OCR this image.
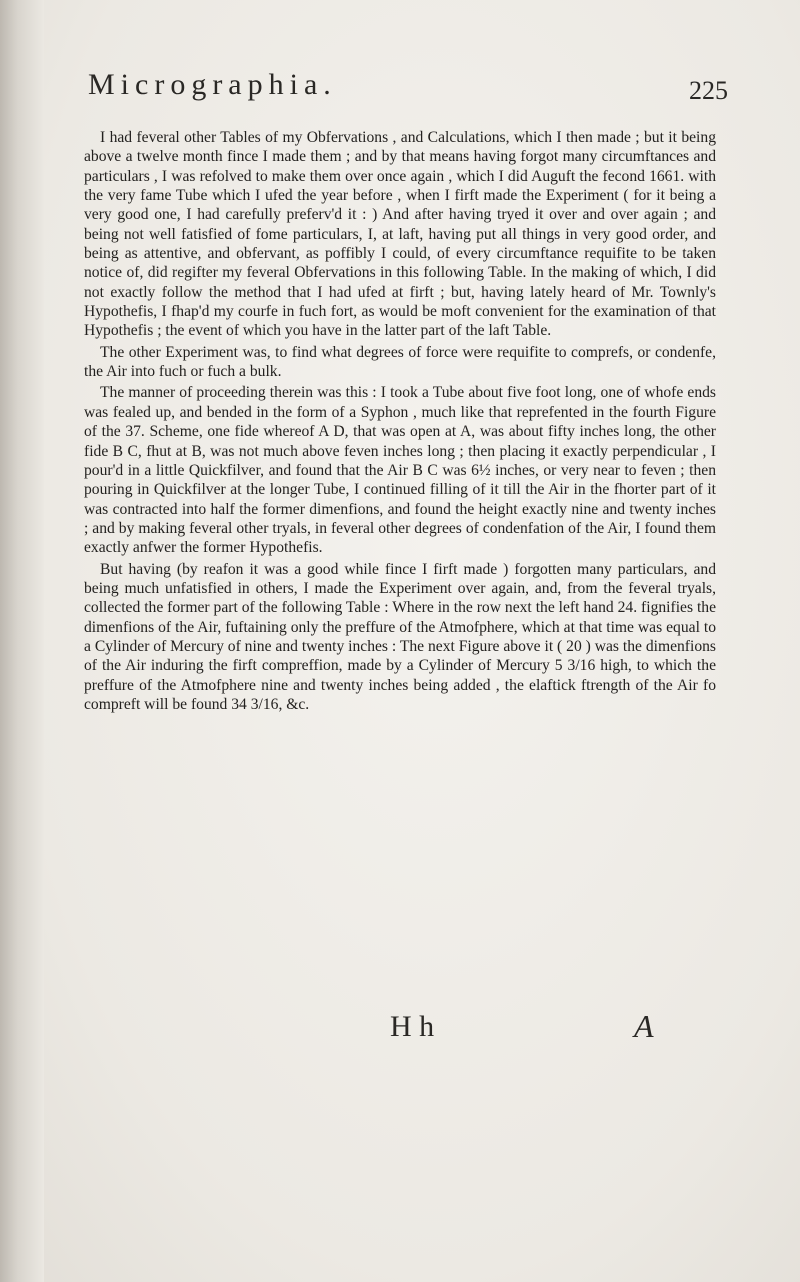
Micrographia.	225

I had feveral other Tables of my Obfervations , and Calculations, which I then made ; but it being above a twelve month fince I made them ; and by that means having forgot many circumftances and particulars , I was refolved to make them over once again , which I did Auguft the fecond 1661. with the very fame Tube which I ufed the year before , when I firft made the Experiment ( for it being a very good one, I had carefully preferv'd it : ) And after having tryed it over and over again ; and being not well fatisfied of fome particulars, I, at laft, having put all things in very good order, and being as attentive, and obfervant, as poffibly I could, of every circumftance requifite to be taken notice of, did regifter my feveral Obfervations in this following Table. In the making of which, I did not exactly follow the method that I had ufed at firft ; but, having lately heard of Mr. Townly's Hypothefis, I fhap'd my courfe in fuch fort, as would be moft convenient for the examination of that Hypothefis ; the event of which you have in the latter part of the laft Table.

The other Experiment was, to find what degrees of force were requifite to comprefs, or condenfe, the Air into fuch or fuch a bulk.

The manner of proceeding therein was this : I took a Tube about five foot long, one of whofe ends was fealed up, and bended in the form of a Syphon , much like that reprefented in the fourth Figure of the 37. Scheme, one fide whereof A D, that was open at A, was about fifty inches long, the other fide B C, fhut at B, was not much above feven inches long ; then placing it exactly perpendicular , I pour'd in a little Quickfilver, and found that the Air B C was 6½ inches, or very near to feven ; then pouring in Quickfilver at the longer Tube, I continued filling of it till the Air in the fhorter part of it was contracted into half the former dimenfions, and found the height exactly nine and twenty inches ; and by making feveral other tryals, in feveral other degrees of condenfation of the Air, I found them exactly anfwer the former Hypothefis.

But having (by reafon it was a good while fince I firft made ) forgotten many particulars, and being much unfatisfied in others, I made the Experiment over again, and, from the feveral tryals, collected the former part of the following Table : Where in the row next the left hand 24. fignifies the dimenfions of the Air, fuftaining only the preffure of the Atmofphere, which at that time was equal to a Cylinder of Mercury of nine and twenty inches : The next Figure above it ( 20 ) was the dimenfions of the Air induring the firft compreffion, made by a Cylinder of Mercury 5 3/16 high, to which the preffure of the Atmofphere nine and twenty inches being added , the elaftick ftrength of the Air fo compreft will be found 34 3/16, &c.

H h	A
